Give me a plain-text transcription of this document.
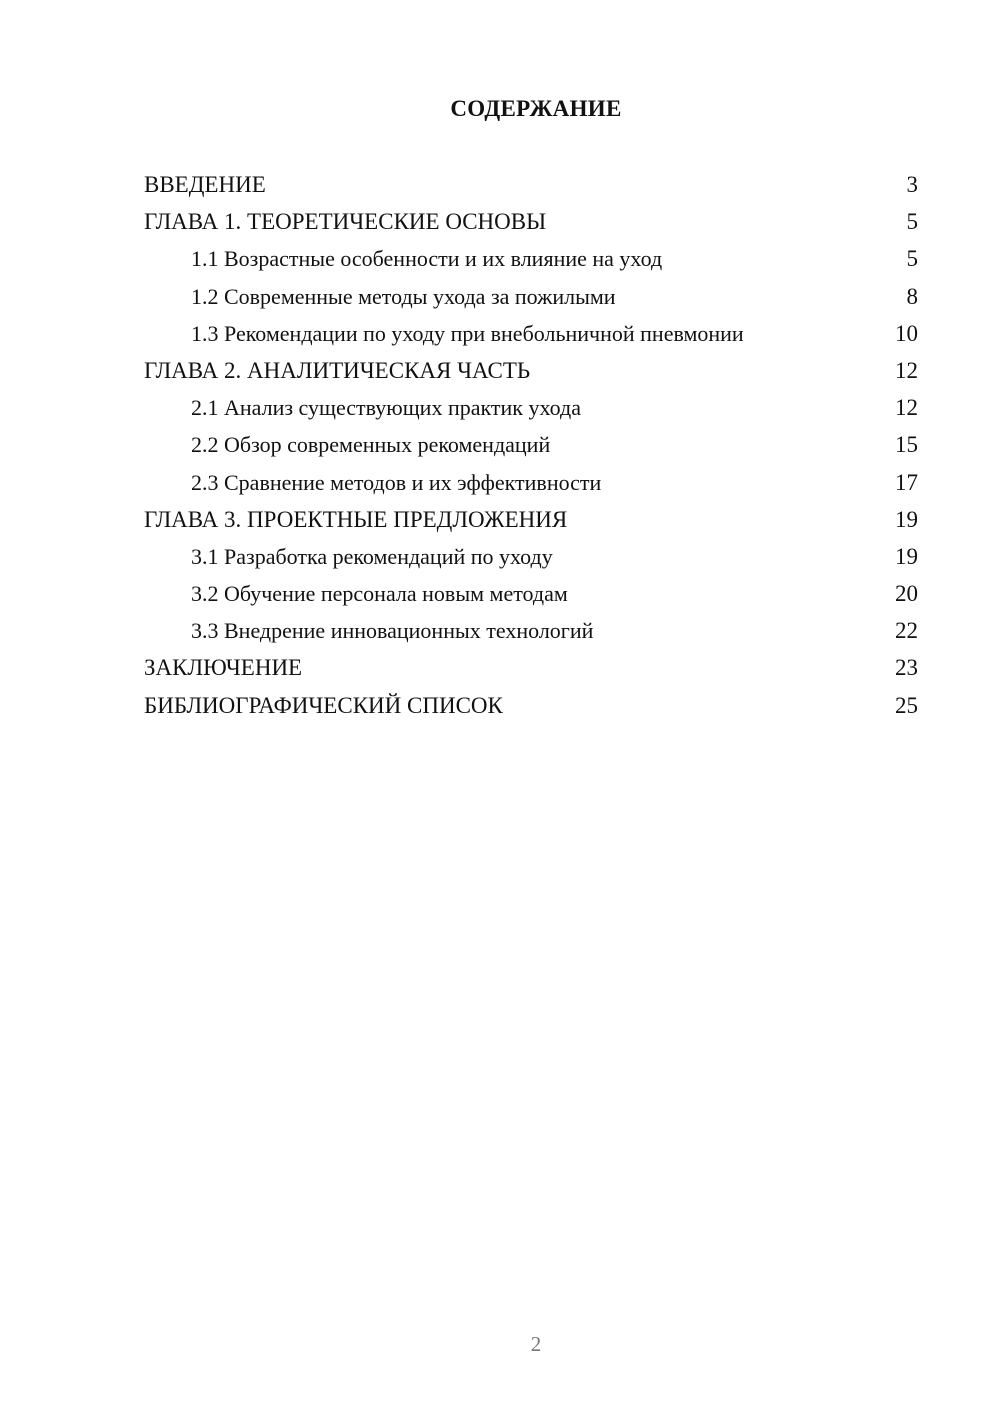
СОДЕРЖАНИЕ
ВВЕДЕНИЕ	3
ГЛАВА 1. ТЕОРЕТИЧЕСКИЕ ОСНОВЫ	5
1.1 Возрастные особенности и их влияние на уход	5
1.2 Современные методы ухода за пожилыми	8
1.3 Рекомендации по уходу при внебольничной пневмонии	10
ГЛАВА 2. АНАЛИТИЧЕСКАЯ ЧАСТЬ	12
2.1 Анализ существующих практик ухода	12
2.2 Обзор современных рекомендаций	15
2.3 Сравнение методов и их эффективности	17
ГЛАВА 3. ПРОЕКТНЫЕ ПРЕДЛОЖЕНИЯ	19
3.1 Разработка рекомендаций по уходу	19
3.2 Обучение персонала новым методам	20
3.3 Внедрение инновационных технологий	22
ЗАКЛЮЧЕНИЕ	23
БИБЛИОГРАФИЧЕСКИЙ СПИСОК	25
2
